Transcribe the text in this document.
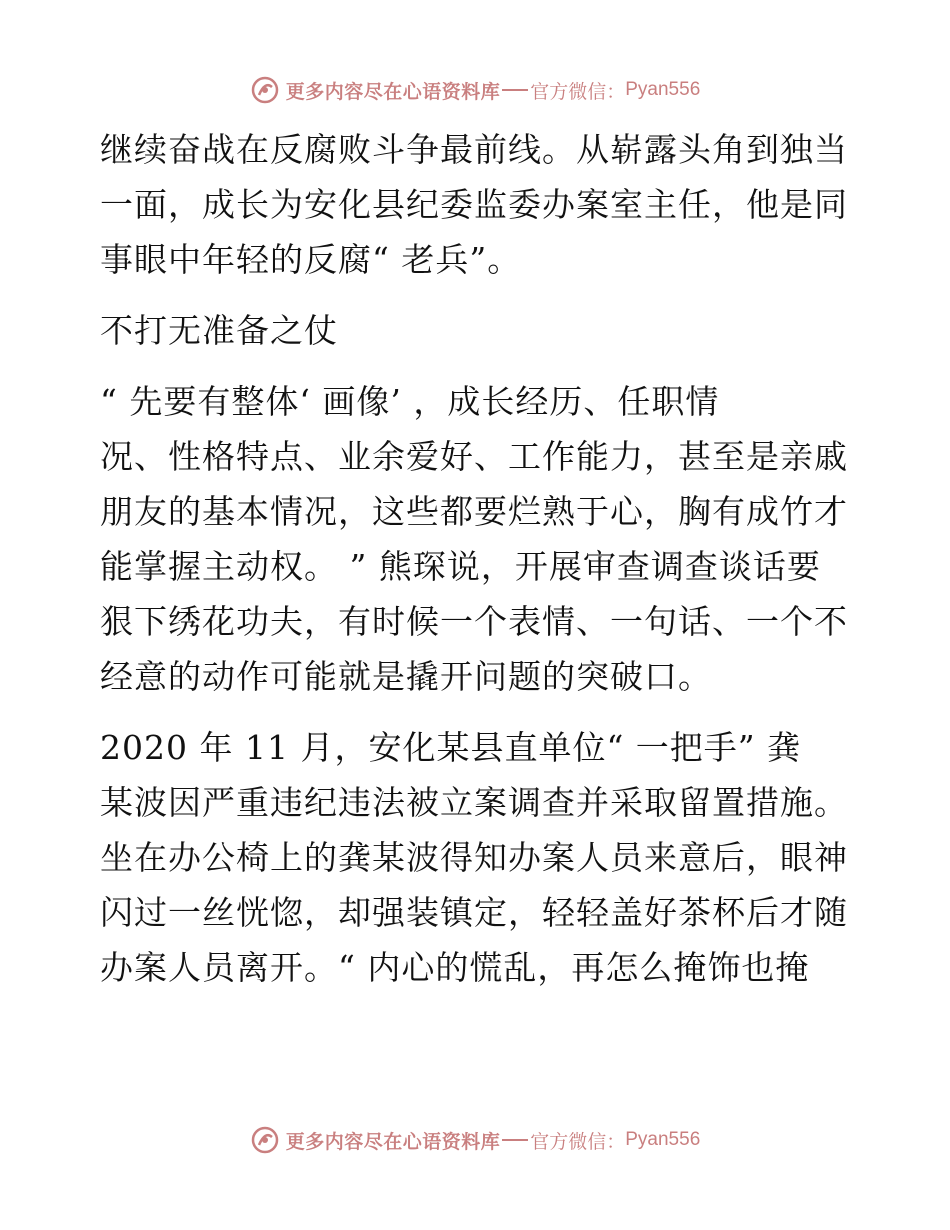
更多内容尽在心语资料库 官方微信： Pyan556
继续奋战在反腐败斗争最前线。从崭露头角到独当
一面，成长为安化县纪委监委办案室主任，他是同
事眼中年轻的反腐“ 老兵”。
不打无准备之仗
“ 先要有整体‘ 画像’ ，成长经历、任职情
况、性格特点、业余爱好、工作能力，甚至是亲戚
朋友的基本情况，这些都要烂熟于心，胸有成竹才
能掌握主动权。 ” 熊琛说，开展审查调查谈话要
狠下绣花功夫，有时候一个表情、一句话、一个不
经意的动作可能就是撬开问题的突破口。
2020 年 11 月，安化某县直单位“ 一把手” 龚
某波因严重违纪违法被立案调查并采取留置措施。
坐在办公椅上的龚某波得知办案人员来意后，眼神
闪过一丝恍惚，却强装镇定，轻轻盖好茶杯后才随
办案人员离开。“ 内心的慌乱，再怎么掩饰也掩
更多内容尽在心语资料库 官方微信： Pyan556
